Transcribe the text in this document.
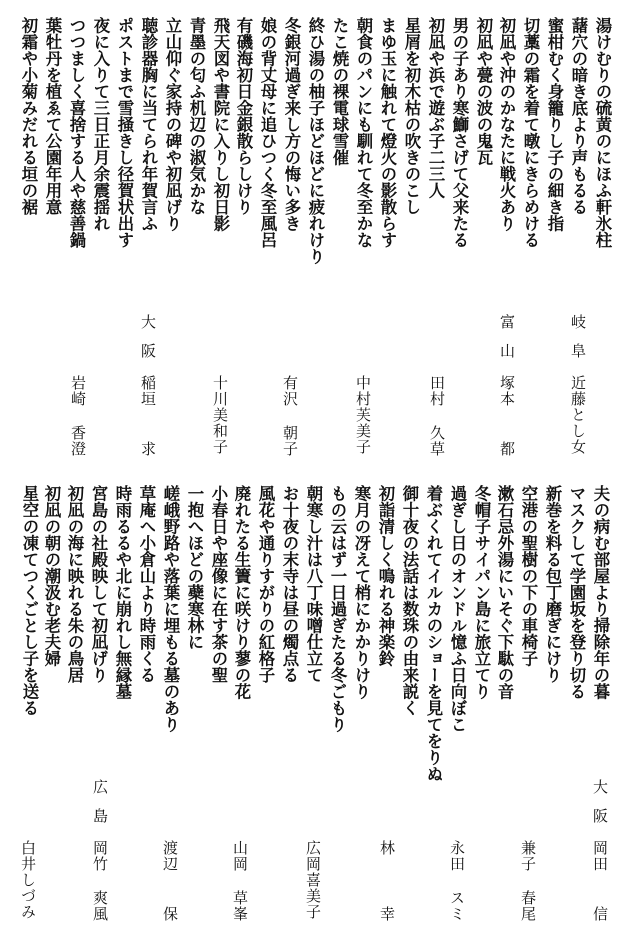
湯けむりの硫黄のにほふ軒氷柱
藷穴の暗き底より声もるる
蜜柑むく身籠りし子の細き指
切藁の霜を着て暾にきらめける
初凪や沖のかなたに戦火あり
初凪や甍の波の鬼瓦
男の子あり寒鰤さげて父来たる
初凪や浜で遊ぶ子二三人
星屑を初木枯の吹きのこし
まゆ玉に触れて燈火の影散らす
朝食のパンにも馴れて冬至かな
たこ焼の裸電球雪催
終ひ湯の柚子ほどほどに疲れけり
冬銀河過ぎ来し方の悔い多き
娘の背丈母に追ひつく冬至風呂
有磯海初日金銀散らしけり
飛天図や書院に入りし初日影
青墨の匂ふ机辺の淑気かな
立山仰ぐ家持の碑や初凪げり
聴診器胸に当てられ年賀言ふ
ポストまで雪掻きし径賀状出す
夜に入りて三日正月余震揺れ
つつましく喜捨する人や慈善鍋
葉牡丹を植ゑて公園年用意
初霜や小菊みだれる垣の裾
岐阜
近藤
とし女
富山
塚本
都
田村
久草
中村
芙美子
有沢
朝子
十川
美和子
大阪
稲垣
求
岩崎
香澄
夫の病む部屋より掃除年の暮
マスクして学園坂を登り切る
新巻を料る包丁磨ぎにけり
空港の聖樹の下の車椅子
漱石忌外湯にいそぐ下駄の音
冬帽子サイパン島に旅立てり
過ぎし日のオンドル憶ふ日向ぼこ
着ぶくれてイルカのショーを見てをりぬ
御十夜の法話は数珠の由来説く
初詣清しく鳴れる神楽鈴
寒月の冴えて梢にかかりけり
もの云はず一日過ぎたる冬ごもり
朝寒し汁は八丁味噌仕立て
お十夜の末寺は昼の燭点る
風花や通りすがりの紅格子
廃れたる生簀に咲けり蓼の花
小春日や座像に在す茶の聖
一抱へほどの蘗寒林に
嵯峨野路や落葉に埋もる墓のあり
草庵へ小倉山より時雨くる
時雨るるや北に崩れし無縁墓
宮島の社殿映して初凪げり
初凪の海に映れる朱の鳥居
初凪の朝の潮汲む老夫婦
星空の凍てつくごとし子を送る
大阪
岡田
信
兼子
春尾
永田
スミ
林
幸
広岡
喜美子
山岡
草峯
渡辺
保
広島
岡竹
爽風
白井
しづみ
